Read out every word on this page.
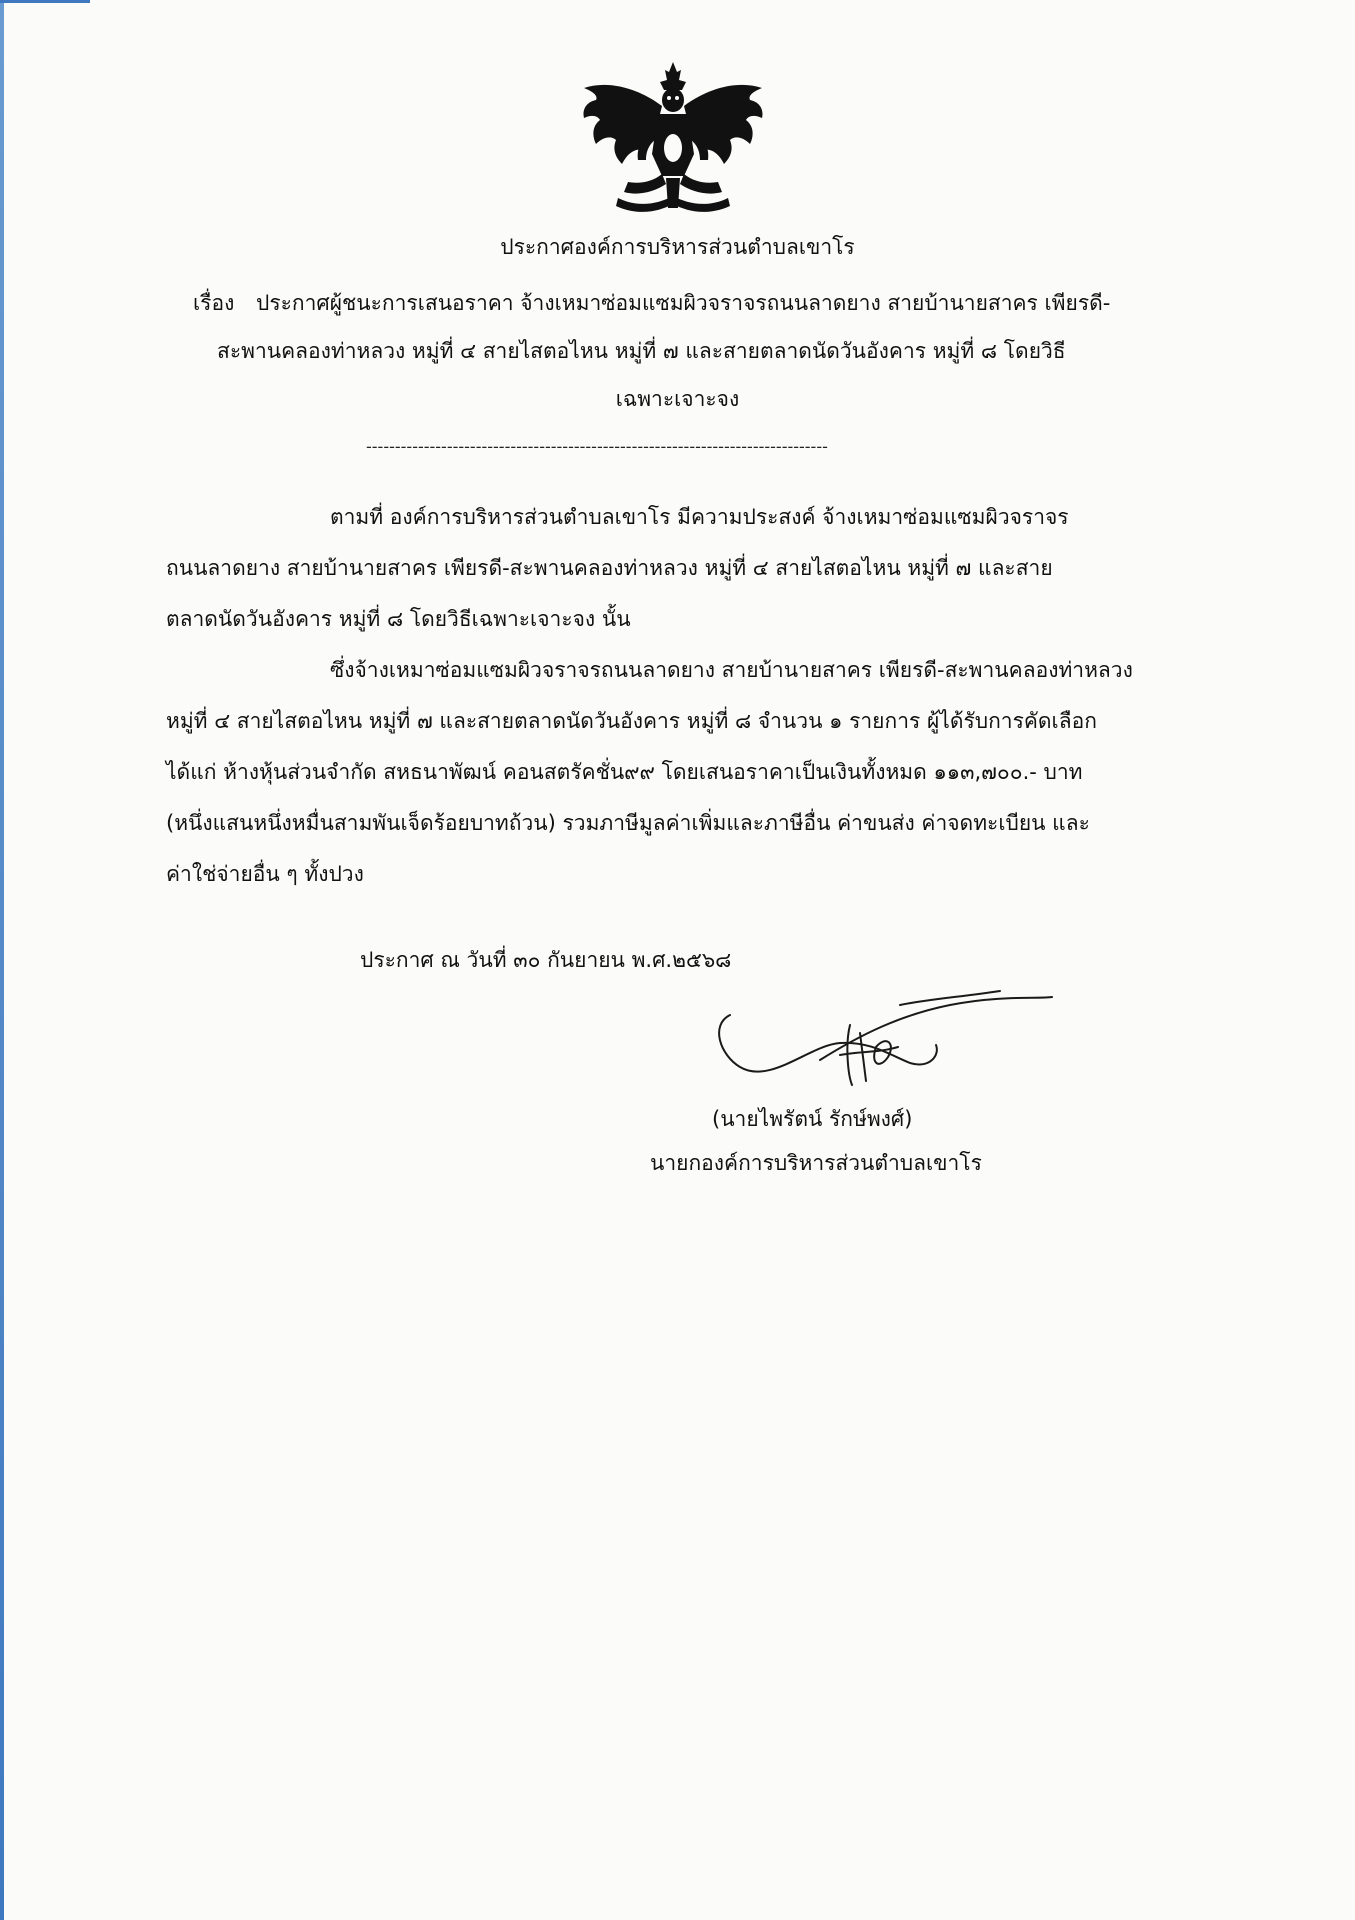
ประกาศองค์การบริหารส่วนตำบลเขาโร
เรื่อง ประกาศผู้ชนะการเสนอราคา จ้างเหมาซ่อมแซมผิวจราจรถนนลาดยาง สายบ้านายสาคร เพียรดี-
สะพานคลองท่าหลวง หมู่ที่ ๔ สายไสตอไหน หมู่ที่ ๗ และสายตลาดนัดวันอังคาร หมู่ที่ ๘ โดยวิธี
เฉพาะเจาะจง
--------------------------------------------------------------------------------
ตามที่ องค์การบริหารส่วนตำบลเขาโร มีความประสงค์ จ้างเหมาซ่อมแซมผิวจราจร
ถนนลาดยาง สายบ้านายสาคร เพียรดี-สะพานคลองท่าหลวง หมู่ที่ ๔ สายไสตอไหน หมู่ที่ ๗ และสาย
ตลาดนัดวันอังคาร หมู่ที่ ๘ โดยวิธีเฉพาะเจาะจง นั้น
ซึ่งจ้างเหมาซ่อมแซมผิวจราจรถนนลาดยาง สายบ้านายสาคร เพียรดี-สะพานคลองท่าหลวง
หมู่ที่ ๔ สายไสตอไหน หมู่ที่ ๗ และสายตลาดนัดวันอังคาร หมู่ที่ ๘ จำนวน ๑ รายการ ผู้ได้รับการคัดเลือก
ได้แก่ ห้างหุ้นส่วนจำกัด สหธนาพัฒน์ คอนสตรัคชั่น๙๙ โดยเสนอราคาเป็นเงินทั้งหมด ๑๑๓,๗๐๐.- บาท
(หนึ่งแสนหนึ่งหมื่นสามพันเจ็ดร้อยบาทถ้วน) รวมภาษีมูลค่าเพิ่มและภาษีอื่น ค่าขนส่ง ค่าจดทะเบียน และ
ค่าใช่จ่ายอื่น ๆ ทั้งปวง
ประกาศ ณ วันที่ ๓๐ กันยายน พ.ศ.๒๕๖๘
(นายไพรัตน์ รักษ์พงศ์)
นายกองค์การบริหารส่วนตำบลเขาโร
